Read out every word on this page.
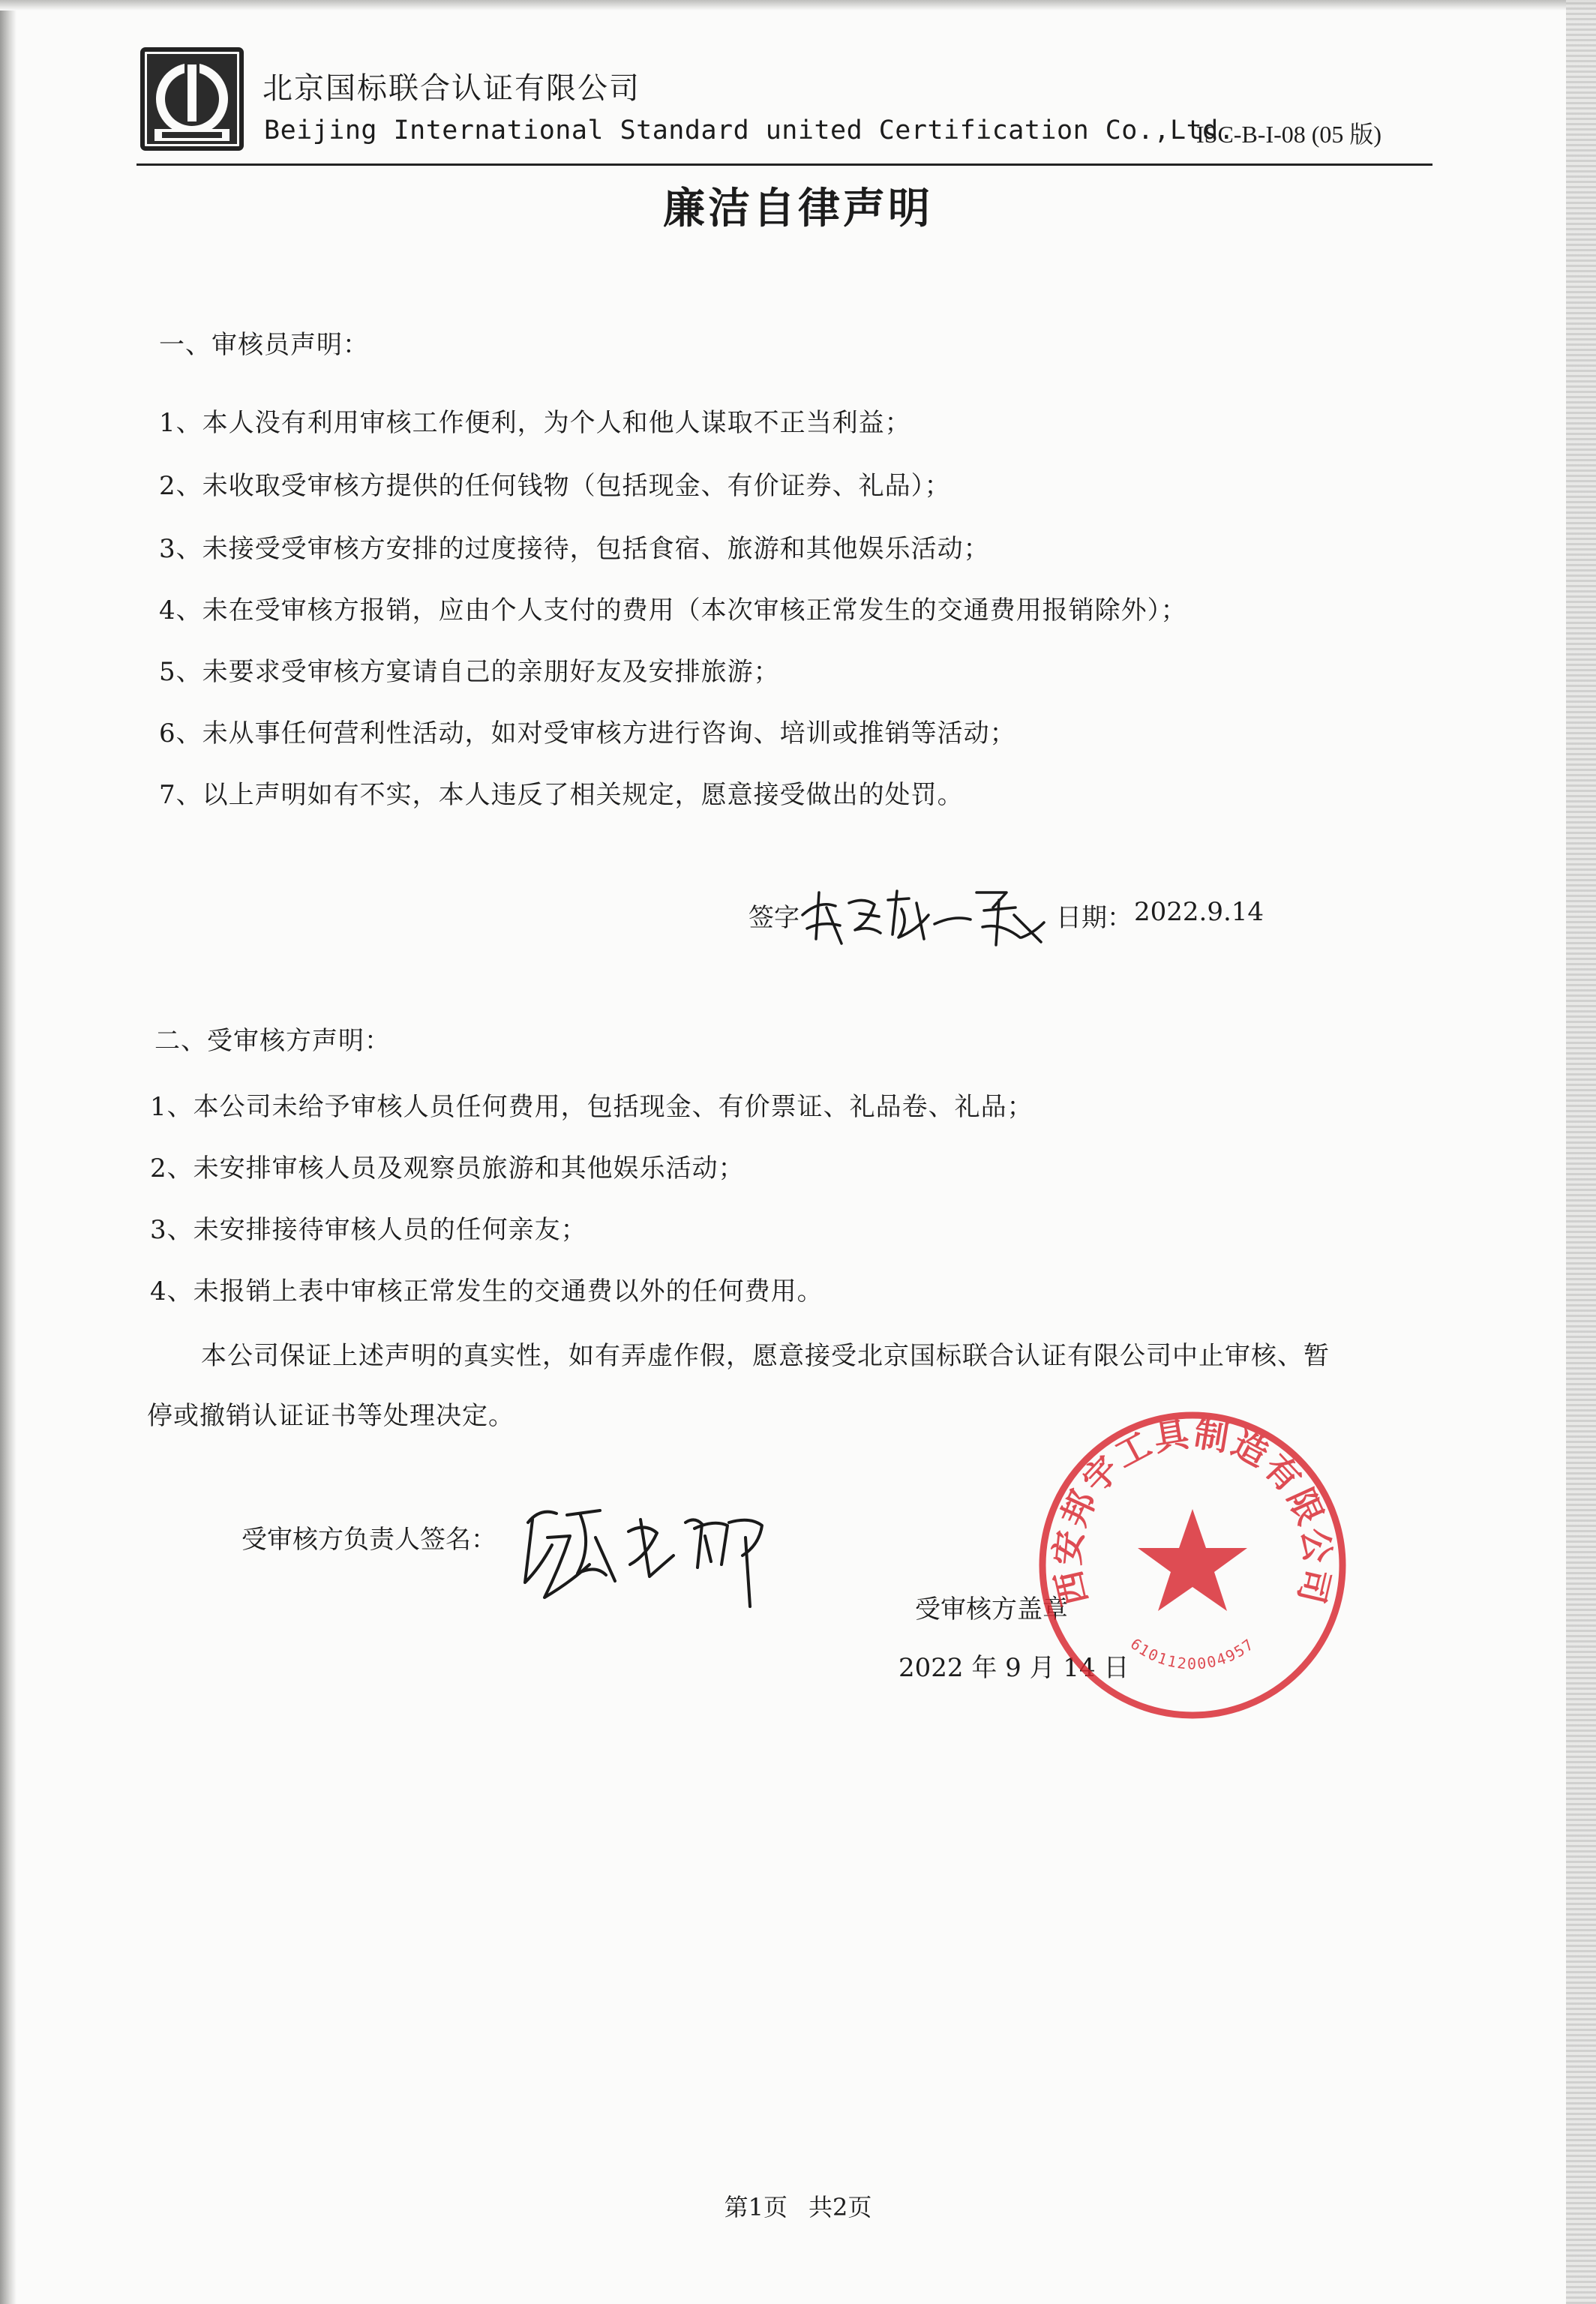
北京国标联合认证有限公司
Beijing International Standard united Certification Co.,Ltd.
ISC-B-I-08 (05 版)
廉洁自律声明
一、审核员声明：
1、本人没有利用审核工作便利，为个人和他人谋取不正当利益；
2、未收取受审核方提供的任何钱物（包括现金、有价证券、礼品）；
3、未接受受审核方安排的过度接待，包括食宿、旅游和其他娱乐活动；
4、未在受审核方报销，应由个人支付的费用（本次审核正常发生的交通费用报销除外）；
5、未要求受审核方宴请自己的亲朋好友及安排旅游；
6、未从事任何营利性活动，如对受审核方进行咨询、培训或推销等活动；
7、以上声明如有不实，本人违反了相关规定，愿意接受做出的处罚。
签字	日期： 2022.9.14
二、受审核方声明：
1、本公司未给予审核人员任何费用，包括现金、有价票证、礼品卷、礼品；
2、未安排审核人员及观察员旅游和其他娱乐活动；
3、未安排接待审核人员的任何亲友；
4、未报销上表中审核正常发生的交通费以外的任何费用。
本公司保证上述声明的真实性，如有弄虚作假，愿意接受北京国标联合认证有限公司中止审核、暂
停或撤销认证证书等处理决定。
受审核方负责人签名：
受审核方盖章
2022 年 9 月 14 日
西安邦宇工具制造有限公司
6101120004957
第1页 共2页
